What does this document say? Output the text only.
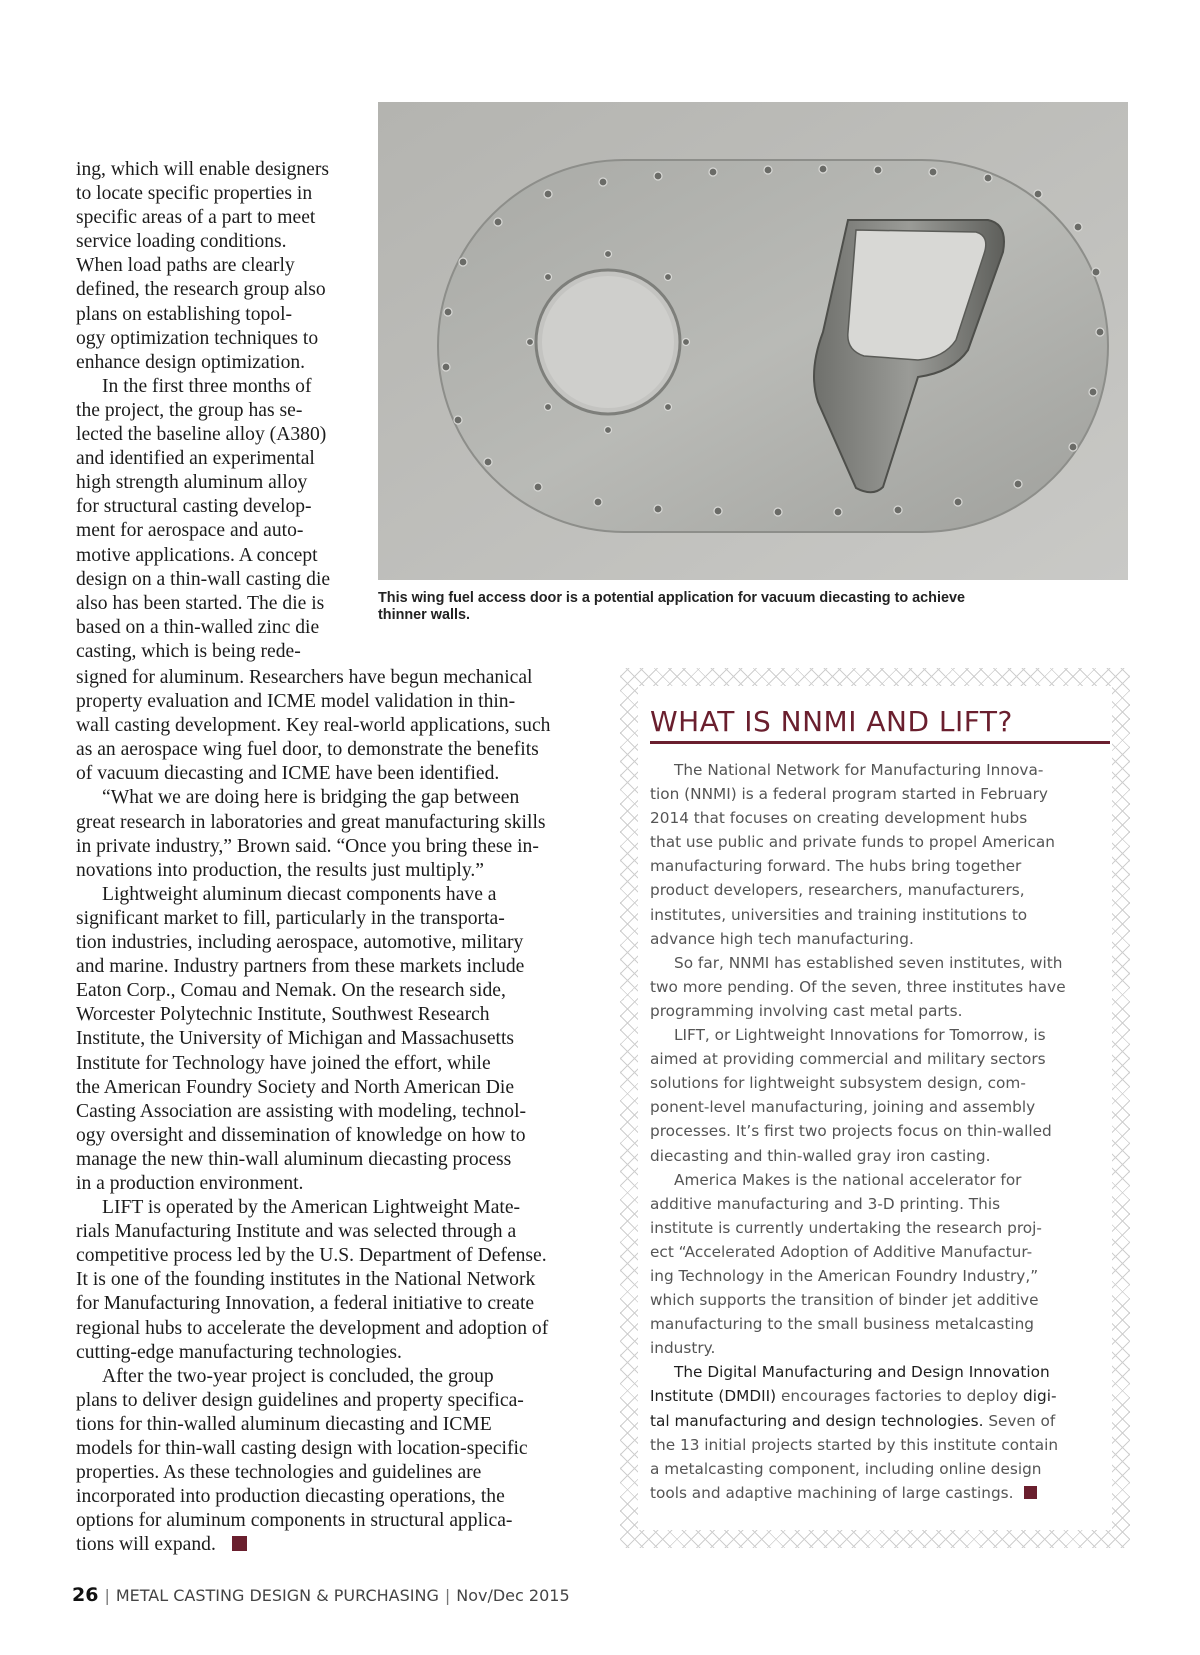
ing, which will enable designers
to locate specific properties in
specific areas of a part to meet
service loading conditions.
When load paths are clearly
defined, the research group also
plans on establishing topol-
ogy optimization techniques to
enhance design optimization.
In the first three months of
the project, the group has se-
lected the baseline alloy (A380)
and identified an experimental
high strength aluminum alloy
for structural casting develop-
ment for aerospace and auto-
motive applications. A concept
design on a thin-wall casting die
also has been started. The die is
based on a thin-walled zinc die
casting, which is being rede-
signed for aluminum. Researchers have begun mechanical
property evaluation and ICME model validation in thin-
wall casting development. Key real-world applications, such
as an aerospace wing fuel door, to demonstrate the benefits
of vacuum diecasting and ICME have been identified.
“What we are doing here is bridging the gap between
great research in laboratories and great manufacturing skills
in private industry,” Brown said. “Once you bring these in-
novations into production, the results just multiply.”
Lightweight aluminum diecast components have a
significant market to fill, particularly in the transporta-
tion industries, including aerospace, automotive, military
and marine. Industry partners from these markets include
Eaton Corp., Comau and Nemak. On the research side,
Worcester Polytechnic Institute, Southwest Research
Institute, the University of Michigan and Massachusetts
Institute for Technology have joined the effort, while
the American Foundry Society and North American Die
Casting Association are assisting with modeling, technol-
ogy oversight and dissemination of knowledge on how to
manage the new thin-wall aluminum diecasting process
in a production environment.
LIFT is operated by the American Lightweight Mate-
rials Manufacturing Institute and was selected through a
competitive process led by the U.S. Department of Defense.
It is one of the founding institutes in the National Network
for Manufacturing Innovation, a federal initiative to create
regional hubs to accelerate the development and adoption of
cutting-edge manufacturing technologies.
After the two-year project is concluded, the group
plans to deliver design guidelines and property specifica-
tions for thin-walled aluminum diecasting and ICME
models for thin-wall casting design with location-specific
properties. As these technologies and guidelines are
incorporated into production diecasting operations, the
options for aluminum components in structural applica-
tions will expand.
This wing fuel access door is a potential application for vacuum diecasting to achieve
thinner walls.
WHAT IS NNMI AND LIFT?
The National Network for Manufacturing Innova-
tion (NNMI) is a federal program started in February
2014 that focuses on creating development hubs
that use public and private funds to propel American
manufacturing forward. The hubs bring together
product developers, researchers, manufacturers,
institutes, universities and training institutions to
advance high tech manufacturing.
So far, NNMI has established seven institutes, with
two more pending. Of the seven, three institutes have
programming involving cast metal parts.
LIFT, or Lightweight Innovations for Tomorrow, is
aimed at providing commercial and military sectors
solutions for lightweight subsystem design, com-
ponent-level manufacturing, joining and assembly
processes. It’s first two projects focus on thin-walled
diecasting and thin-walled gray iron casting.
America Makes is the national accelerator for
additive manufacturing and 3-D printing. This
institute is currently undertaking the research proj-
ect “Accelerated Adoption of Additive Manufactur-
ing Technology in the American Foundry Industry,”
which supports the transition of binder jet additive
manufacturing to the small business metalcasting
industry.
The Digital Manufacturing and Design Innovation
Institute (DMDII) encourages factories to deploy digi-
tal manufacturing and design technologies. Seven of
the 13 initial projects started by this institute contain
a metalcasting component, including online design
tools and adaptive machining of large castings.
26 | METAL CASTING DESIGN & PURCHASING | Nov/Dec 2015
